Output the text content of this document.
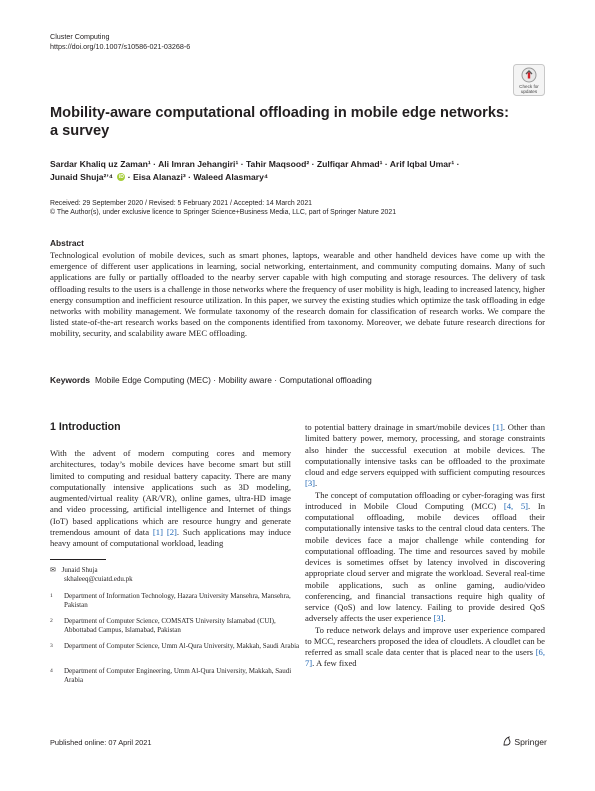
Cluster Computing
https://doi.org/10.1007/s10586-021-03268-6
Check for
updates
Mobility-aware computational offloading in mobile edge networks:
a survey
Sardar Khaliq uz Zaman¹ · Ali Imran Jehangiri¹ · Tahir Maqsood² · Zulfiqar Ahmad¹ · Arif Iqbal Umar¹ ·
Junaid Shuja²ʼ⁴ iD · Eisa Alanazi³ · Waleed Alasmary⁴
Received: 29 September 2020 / Revised: 5 February 2021 / Accepted: 14 March 2021
© The Author(s), under exclusive licence to Springer Science+Business Media, LLC, part of Springer Nature 2021
Abstract
Technological evolution of mobile devices, such as smart phones, laptops, wearable and other handheld devices have come up with the emergence of different user applications in learning, social networking, entertainment, and community computing domains. Many of such applications are fully or partially offloaded to the nearby server capable with high computing and storage resources. The delivery of task offloading results to the users is a challenge in those networks where the frequency of user mobility is high, leading to increased latency, higher energy consumption and inefficient resource utilization. In this paper, we survey the existing studies which optimize the task offloading in edge networks with mobility management. We formulate taxonomy of the research domain for classification of research works. We compare the listed state-of-the-art research works based on the components identified from taxonomy. Moreover, we debate future research directions for mobility, security, and scalability aware MEC offloading.
Keywords Mobile Edge Computing (MEC) · Mobility aware · Computational offloading
1 Introduction

With the advent of modern computing cores and memory architectures, today’s mobile devices have become smart but still limited to computing and residual battery capacity. There are many computationally intensive applications such as 3D modeling, augmented/virtual reality (AR/VR), online games, ultra-HD image and video processing, artificial intelligence and Internet of things (IoT) based applications which are resource hungry and generate tremendous amount of data [1] [2]. Such applications may induce heavy amount of computational workload, leading

✉ Junaid Shuja
skhaleeq@cuiatd.edu.pk
1 Department of Information Technology, Hazara University Mansehra, Mansehra, Pakistan
2 Department of Computer Science, COMSATS University Islamabad (CUI), Abbottabad Campus, Islamabad, Pakistan
3 Department of Computer Science, Umm Al-Qura University, Makkah, Saudi Arabia
4 Department of Computer Engineering, Umm Al-Qura University, Makkah, Saudi Arabia

to potential battery drainage in smart/mobile devices [1]. Other than limited battery power, memory, processing, and storage constraints also hinder the successful execution at mobile devices. The computationally intensive tasks can be offloaded to the proximate cloud and edge servers equipped with sufficient computing resources [3].

The concept of computation offloading or cyber-foraging was first introduced in Mobile Cloud Computing (MCC) [4, 5]. In computational offloading, mobile devices offload their computationally intensive tasks to the central cloud data centers. The mobile devices face a major challenge while contending for computational offloading. The time and resources saved by mobile devices is sometimes offset by latency involved in discovering appropriate cloud server and migrate the workload. Several real-time mobile applications, such as online gaming, audio/video conferencing, and financial transactions require high quality of service (QoS) and low latency. Failing to provide desired QoS adversely affects the user experience [3].

To reduce network delays and improve user experience compared to MCC, researchers proposed the idea of cloudlets. A cloudlet can be referred as small scale data center that is placed near to the users [6, 7]. A few fixed

Published online: 07 April 2021	Springer
